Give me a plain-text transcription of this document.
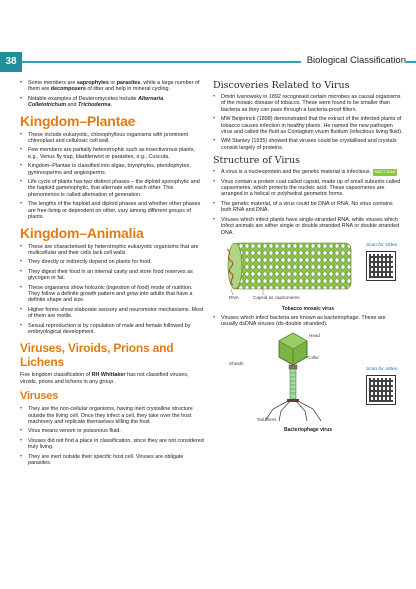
38	Biological Classification
• Some members are saprophytes or parasites, while a large number of them are decomposers of litter and help in mineral cycling.
• Notable examples of Deuteromycetes include Alternaria, Colletotrichum and Trichoderma.
Kingdom–Plantae
• These include eukaryotic, chlorophyllous organisms with prominent chloroplast and cellulosic cell wall.
• Few members are partially heterotrophic such as insectivorous plants, e.g., Venus fly trap, bladderwort or parasites, e.g., Cuscuta.
• Kingdom–Plantae is classified into algae, bryophytes, pteridophytes, gymnosperms and angiosperms.
• Life cycle of plants has two distinct phases – the diploid sporophytic and the haploid gametophytic, that alternate with each other. This phenomenon is called alternation of generation.
• The lengths of the haploid and diploid phases and whether other phases are free-living or dependent on other, vary among different groups of plants.
Kingdom–Animalia
• These are characterised by heterotrophic eukaryotic organisms that are multicellular and their cells lack cell walls.
• They directly or indirectly depend on plants for food.
• They digest their food in an internal cavity and store food reserves as glycogen or fat.
• These organisms show holozoic (ingestion of food) mode of nutrition. They follow a definite growth pattern and grow into adults that have a definite shape and size.
• Higher forms show elaborate sensory and neuromotor mechanisms. Most of them are motile.
• Sexual reproduction is by copulation of male and female followed by embryological development.
Viruses, Viroids, Prions and Lichens

Five kingdom classification of RH Whittaker has not classified viruses, viroids, prions and lichens in any group.

Viruses
• They are the non-cellular organisms, having inert crystalline structure outside the living cell. Once they infect a cell, they take over the host machinery and replicate themselves killing the host.
• Virus means venom or poisonous fluid.
• Viruses did not find a place in classification, since they are not considered truly living.
• They are inert outside their specific host cell. Viruses are obligate parasites.
Discoveries Related to Virus
• Dmitri Ivanowsky in 1892 recognised certain microbes as causal organisms of the mosaic disease of tobacco. These were found to be smaller than bacteria as they can pass through a bacteria-proof filters.
• MW Beijerinck (1898) demonstrated that the extract of the infected plants of tobacco causes infection in healthy plants. He named the new pathogen virus and called the fluid as Contagium vivum fluidum (infectious living fluid).
• WM Stanley (1935) showed that viruses could be crystallised and crystals consist largely of proteins.
Structure of Virus
• A virus is a nucleoprotein and the genetic material is infectious. NEET 2018
• Virus contain a protein coat called capsid, made up of small subunits called capsomeres, which protects the nucleic acid. These capsomeres are arranged in a helical or polyhedral geometric forms.
• The genetic material, of a virus could be DNA or RNA. No virus contains both RNA and DNA.
• Viruses which infect plants have single-stranded RNA, while viruses which infect animals are either single or double stranded RNA or double stranded DNA.
RNA	Capsid as capsomeres
Scan for Video
Tobacco mosaic virus
• Viruses which infect bacteria are known as bacteriophage. These are usually dsDNA viruses (ds-double stranded).
Head
Sheath
Collar
Tail fibres
Scan for Video
Bacteriophage virus
